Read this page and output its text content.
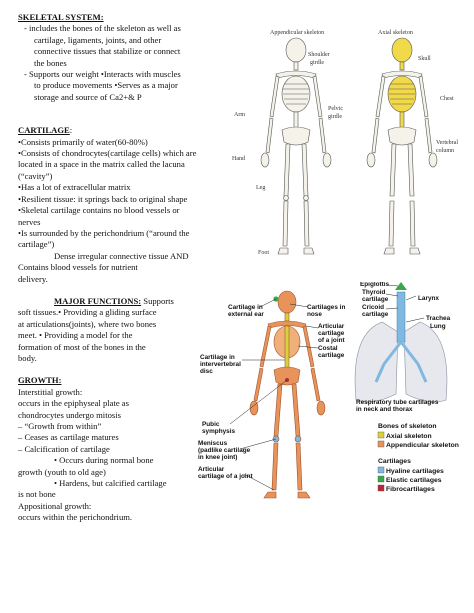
SKELETAL SYSTEM:
- includes the bones of the skeleton as well as
cartilage, ligaments, joints, and other
connective tissues that stabilize or connect
the bones
- Supports our weight •Interacts with muscles
to produce movements •Serves as a major
storage and source of Ca2+& P
CARTILAGE:
•Consists primarily of water(60-80%)
•Consists of chondrocytes(cartilage cells) which are
located in a space in the matrix called the lacuna
(“cavity”)
•Has a lot of extracellular matrix
•Resilient tissue: it springs back to original shape
•Skeletal cartilage contains no blood vessels or
nerves
•Is surrounded by the perichondrium (“around the
cartilage”)
Dense irregular connective tissue AND
Contains blood vessels for nutrient
delivery.
MAJOR FUNCTIONS: Supports
soft tissues.• Providing a gliding surface
at articulations(joints), where two bones
meet. • Providing a model for the
formation of most of the bones in the
body.
GROWTH:
Interstitial growth:
occurs in the epiphyseal plate as
chondrocytes undergo mitosis
– “Growth from within”
– Ceases as cartilage matures
– Calcification of cartilage
• Occurs during normal bone
growth (youth to old age)
• Hardens, but calcified cartilage
is not bone
Appositional growth:
occurs within the perichondrium.
Appendicular skeleton	Axial skeleton
Shoulder
girdle
Arm
Pelvic
girdle
Hand
Leg
Foot
Skull
Chest
Vertebral
column
Cartilage in
external ear
Cartilages in
nose
Articular
cartilage
of a joint
Costal
cartilage
Cartilage in
intervertebral
disc
Pubic
symphysis
Meniscus
(padlike cartilage
in knee joint)
Articular
cartilage of a joint
Epiglottis
Thyroid
cartilage
Cricoid
cartilage
Larynx
Trachea
Lung
Respiratory tube cartilages
in neck and thorax
Bones of skeleton
Axial skeleton
Appendicular skeleton
Cartilages
Hyaline cartilages
Elastic cartilages
Fibrocartilages
